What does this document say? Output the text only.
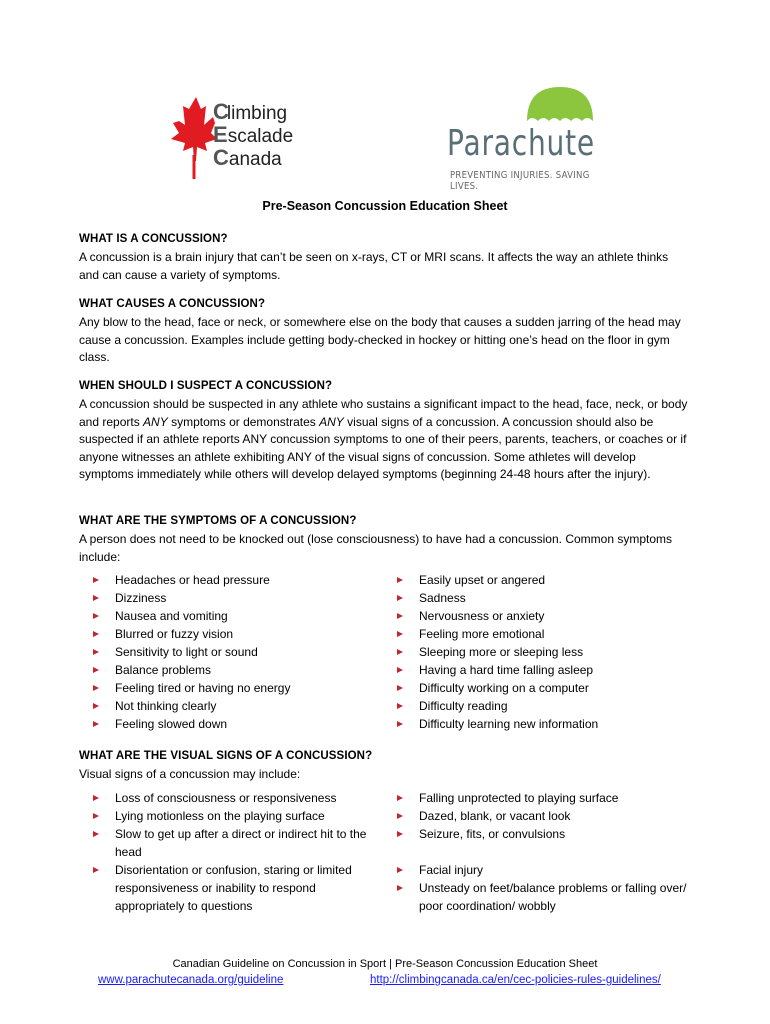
Climbing
Escalade
Canada	Parachute
PREVENTING INJURIES. SAVING LIVES.
Pre-Season Concussion Education Sheet
WHAT IS A CONCUSSION?
A concussion is a brain injury that can’t be seen on x-rays, CT or MRI scans. It affects the way an athlete thinks and can cause a variety of symptoms.
WHAT CAUSES A CONCUSSION?
Any blow to the head, face or neck, or somewhere else on the body that causes a sudden jarring of the head may cause a concussion. Examples include getting body-checked in hockey or hitting one’s head on the floor in gym class.
WHEN SHOULD I SUSPECT A CONCUSSION?
A concussion should be suspected in any athlete who sustains a significant impact to the head, face, neck, or body and reports ANY symptoms or demonstrates ANY visual signs of a concussion. A concussion should also be suspected if an athlete reports ANY concussion symptoms to one of their peers, parents, teachers, or coaches or if anyone witnesses an athlete exhibiting ANY of the visual signs of concussion. Some athletes will develop symptoms immediately while others will develop delayed symptoms (beginning 24-48 hours after the injury).
WHAT ARE THE SYMPTOMS OF A CONCUSSION?
A person does not need to be knocked out (lose consciousness) to have had a concussion. Common symptoms include:
Headaches or head pressure
Dizziness
Nausea and vomiting
Blurred or fuzzy vision
Sensitivity to light or sound
Balance problems
Feeling tired or having no energy
Not thinking clearly
Feeling slowed down
Easily upset or angered
Sadness
Nervousness or anxiety
Feeling more emotional
Sleeping more or sleeping less
Having a hard time falling asleep
Difficulty working on a computer
Difficulty reading
Difficulty learning new information
WHAT ARE THE VISUAL SIGNS OF A CONCUSSION?
Visual signs of a concussion may include:
Loss of consciousness or responsiveness
Lying motionless on the playing surface
Slow to get up after a direct or indirect hit to the head
Disorientation or confusion, staring or limited responsiveness or inability to respond appropriately to questions
Falling unprotected to playing surface
Dazed, blank, or vacant look
Seizure, fits, or convulsions
Facial injury
Unsteady on feet/balance problems or falling over/ poor coordination/ wobbly
Canadian Guideline on Concussion in Sport | Pre-Season Concussion Education Sheet
www.parachutecanada.org/guideline	http://climbingcanada.ca/en/cec-policies-rules-guidelines/
